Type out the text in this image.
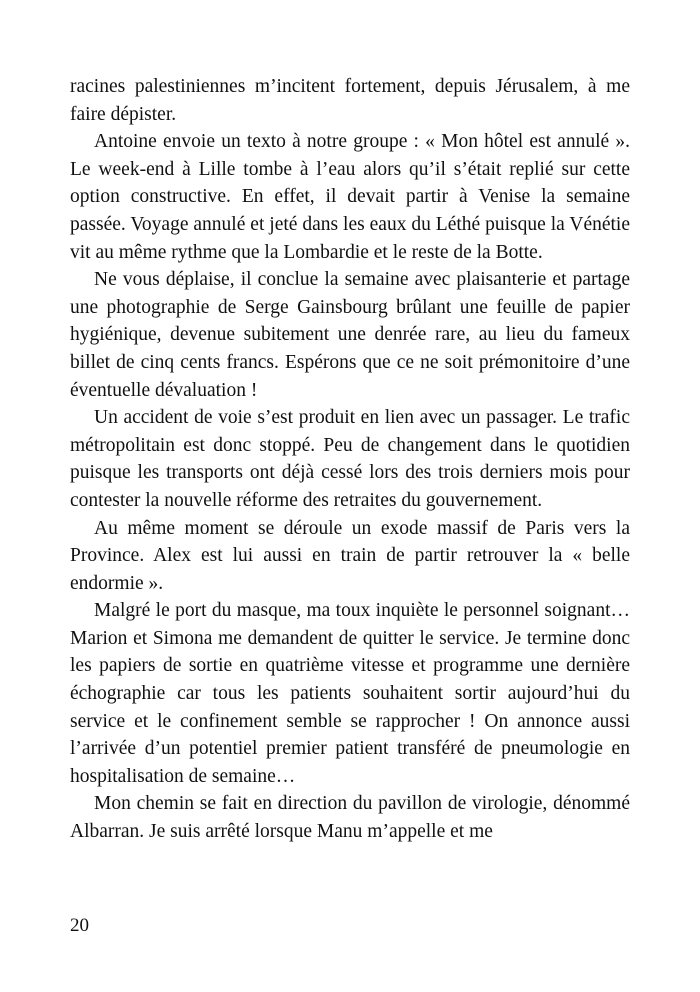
racines palestiniennes m’incitent fortement, depuis Jérusalem, à me faire dépister.

Antoine envoie un texto à notre groupe : « Mon hôtel est annulé ». Le week-end à Lille tombe à l’eau alors qu’il s’était replié sur cette option constructive. En effet, il devait partir à Venise la semaine passée. Voyage annulé et jeté dans les eaux du Léthé puisque la Vénétie vit au même rythme que la Lombardie et le reste de la Botte.

Ne vous déplaise, il conclue la semaine avec plaisanterie et partage une photographie de Serge Gainsbourg brûlant une feuille de papier hygiénique, devenue subitement une denrée rare, au lieu du fameux billet de cinq cents francs. Espérons que ce ne soit prémonitoire d’une éventuelle dévaluation !

Un accident de voie s’est produit en lien avec un passager. Le trafic métropolitain est donc stoppé. Peu de changement dans le quotidien puisque les transports ont déjà cessé lors des trois derniers mois pour contester la nouvelle réforme des retraites du gouvernement.

Au même moment se déroule un exode massif de Paris vers la Province. Alex est lui aussi en train de partir retrouver la « belle endormie ».

Malgré le port du masque, ma toux inquiète le personnel soignant… Marion et Simona me demandent de quitter le service. Je termine donc les papiers de sortie en quatrième vitesse et programme une dernière échographie car tous les patients souhaitent sortir aujourd’hui du service et le confinement semble se rapprocher ! On annonce aussi l’arrivée d’un potentiel premier patient transféré de pneumologie en hospitalisation de semaine…

Mon chemin se fait en direction du pavillon de virologie, dénommé Albarran. Je suis arrêté lorsque Manu m’appelle et me

20
